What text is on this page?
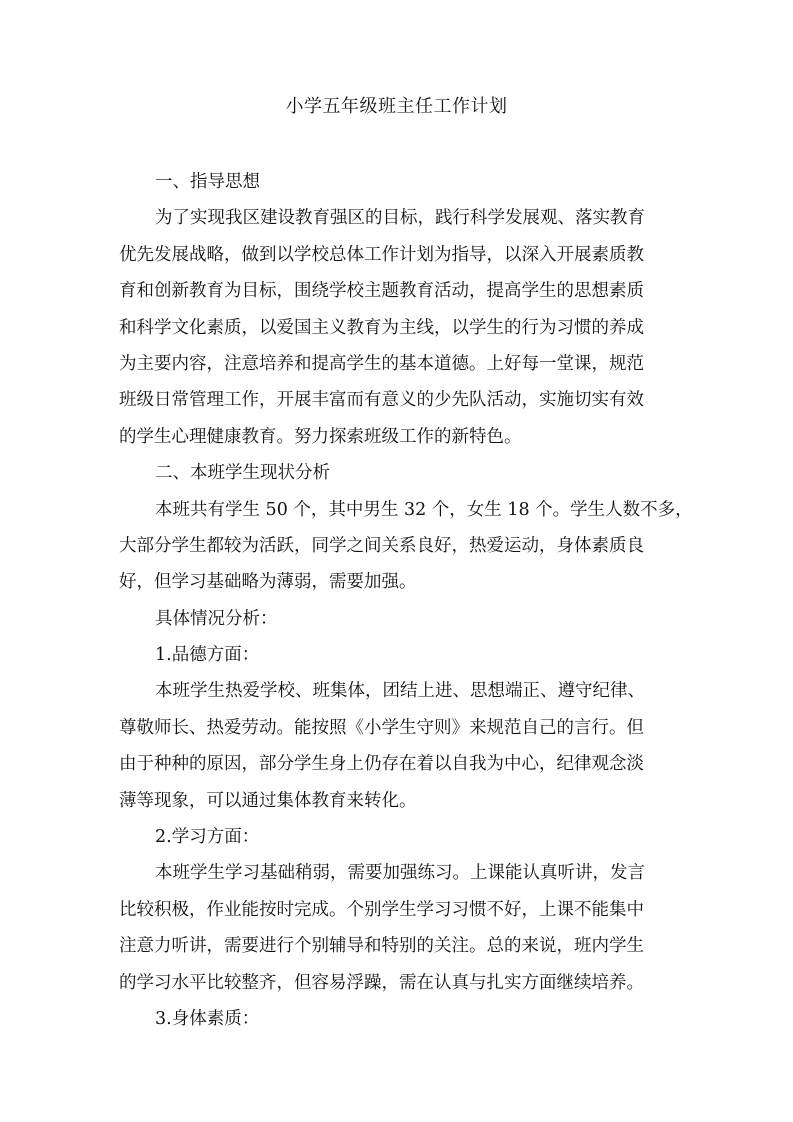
小学五年级班主任工作计划

一、指导思想

为了实现我区建设教育强区的目标，践行科学发展观、落实教育

优先发展战略，做到以学校总体工作计划为指导，以深入开展素质教

育和创新教育为目标，围绕学校主题教育活动，提高学生的思想素质

和科学文化素质，以爱国主义教育为主线，以学生的行为习惯的养成

为主要内容，注意培养和提高学生的基本道德。上好每一堂课，规范

班级日常管理工作，开展丰富而有意义的少先队活动，实施切实有效

的学生心理健康教育。努力探索班级工作的新特色。

二、本班学生现状分析

本班共有学生 50 个，其中男生 32 个，女生 18 个。学生人数不多，

大部分学生都较为活跃，同学之间关系良好，热爱运动，身体素质良

好，但学习基础略为薄弱，需要加强。

具体情况分析：

1.品德方面：

本班学生热爱学校、班集体，团结上进、思想端正、遵守纪律、

尊敬师长、热爱劳动。能按照《小学生守则》来规范自己的言行。但

由于种种的原因，部分学生身上仍存在着以自我为中心，纪律观念淡

薄等现象，可以通过集体教育来转化。

2.学习方面：

本班学生学习基础稍弱，需要加强练习。上课能认真听讲，发言

比较积极，作业能按时完成。个别学生学习习惯不好，上课不能集中

注意力听讲，需要进行个别辅导和特别的关注。总的来说，班内学生

的学习水平比较整齐，但容易浮躁，需在认真与扎实方面继续培养。

3.身体素质：
